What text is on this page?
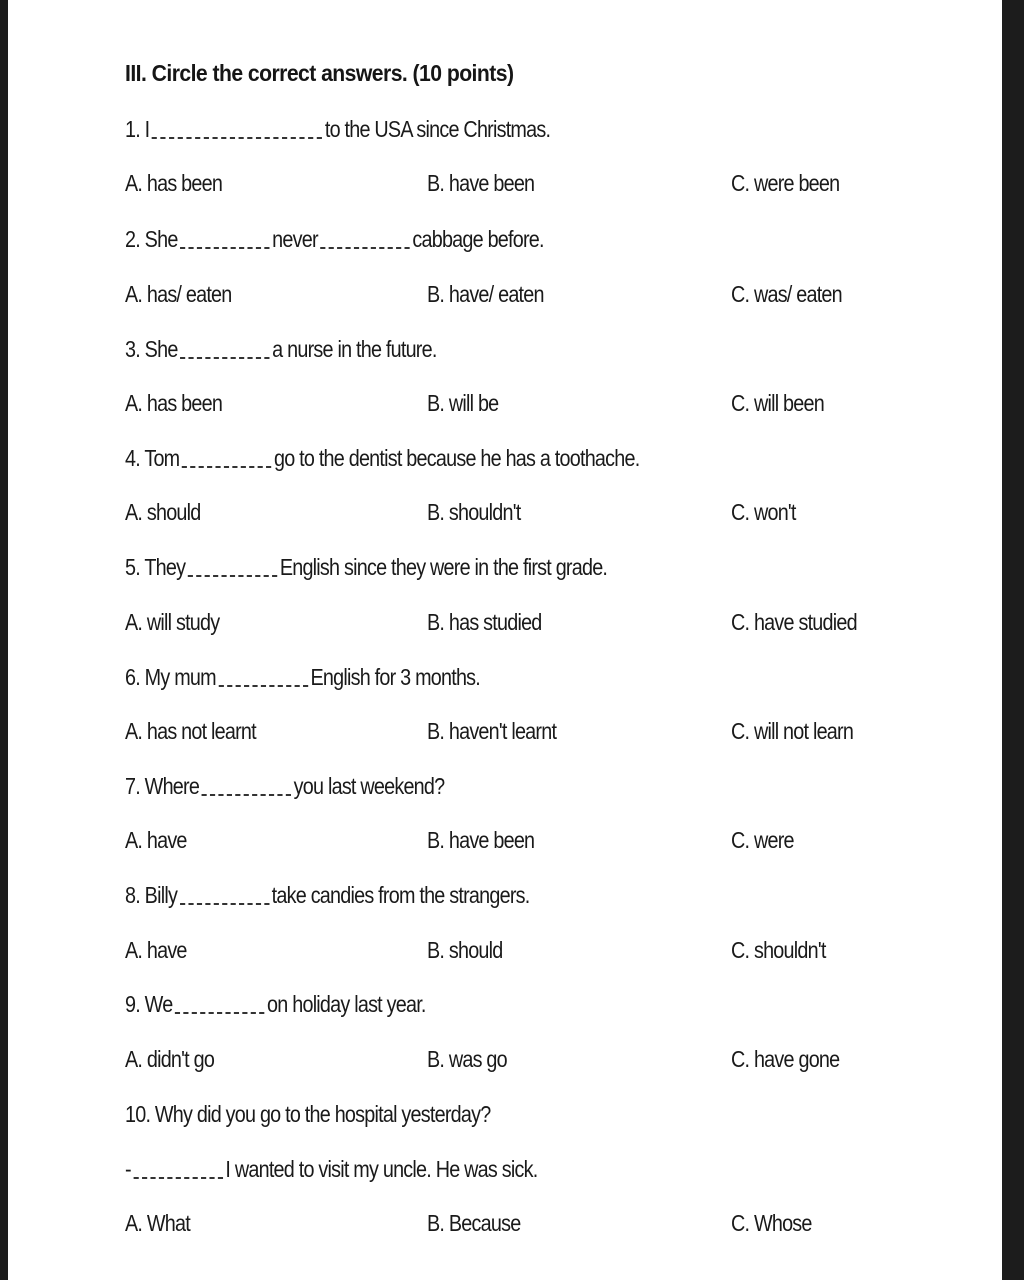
III. Circle the correct answers. (10 points)
1. I	to the USA since Christmas.
A. has been	B. have been	C. were been
2. She	never	cabbage before.
A. has/ eaten	B. have/ eaten	C. was/ eaten
3. She	a nurse in the future.
A. has been	B. will be	C. will been
4. Tom	go to the dentist because he has a toothache.
A. should	B. shouldn't	C. won't
5. They	English since they were in the first grade.
A. will study	B. has studied	C. have studied
6. My mum	English for 3 months.
A. has not learnt	B. haven't learnt	C. will not learn
7. Where	you last weekend?
A. have	B. have been	C. were
8. Billy	take candies from the strangers.
A. have	B. should	C. shouldn't
9. We	on holiday last year.
A. didn't go	B. was go	C. have gone
10. Why did you go to the hospital yesterday?
-	I wanted to visit my uncle. He was sick.
A. What	B. Because	C. Whose
